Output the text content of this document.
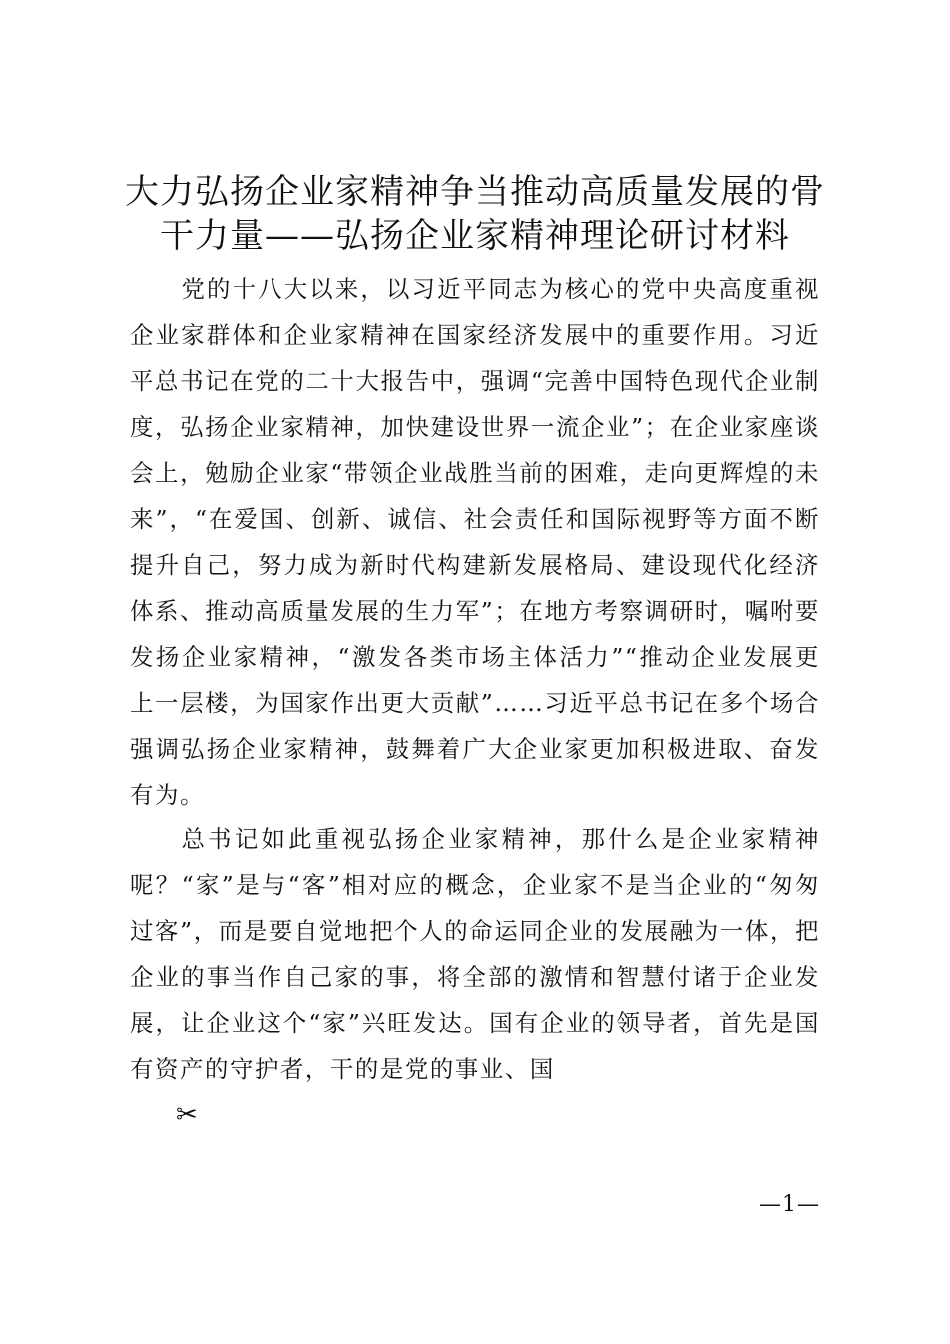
大力弘扬企业家精神争当推动高质量发展的骨
干力量——弘扬企业家精神理论研讨材料

党的十八大以来，以习近平同志为核心的党中央高度重视企业家群体和企业家精神在国家经济发展中的重要作用。习近平总书记在党的二十大报告中，强调“完善中国特色现代企业制度，弘扬企业家精神，加快建设世界一流企业”；在企业家座谈会上，勉励企业家“带领企业战胜当前的困难，走向更辉煌的未来”，“在爱国、创新、诚信、社会责任和国际视野等方面不断提升自己，努力成为新时代构建新发展格局、建设现代化经济体系、推动高质量发展的生力军”；在地方考察调研时，嘱咐要发扬企业家精神，“激发各类市场主体活力”“推动企业发展更上一层楼，为国家作出更大贡献”……习近平总书记在多个场合强调弘扬企业家精神，鼓舞着广大企业家更加积极进取、奋发有为。

总书记如此重视弘扬企业家精神，那什么是企业家精神呢？“家”是与“客”相对应的概念，企业家不是当企业的“匆匆过客”，而是要自觉地把个人的命运同企业的发展融为一体，把企业的事当作自己家的事，将全部的激情和智慧付诸于企业发展，让企业这个“家”兴旺发达。国有企业的领导者，首先是国有资产的守护者，干的是党的事业、国

✂
—1—
